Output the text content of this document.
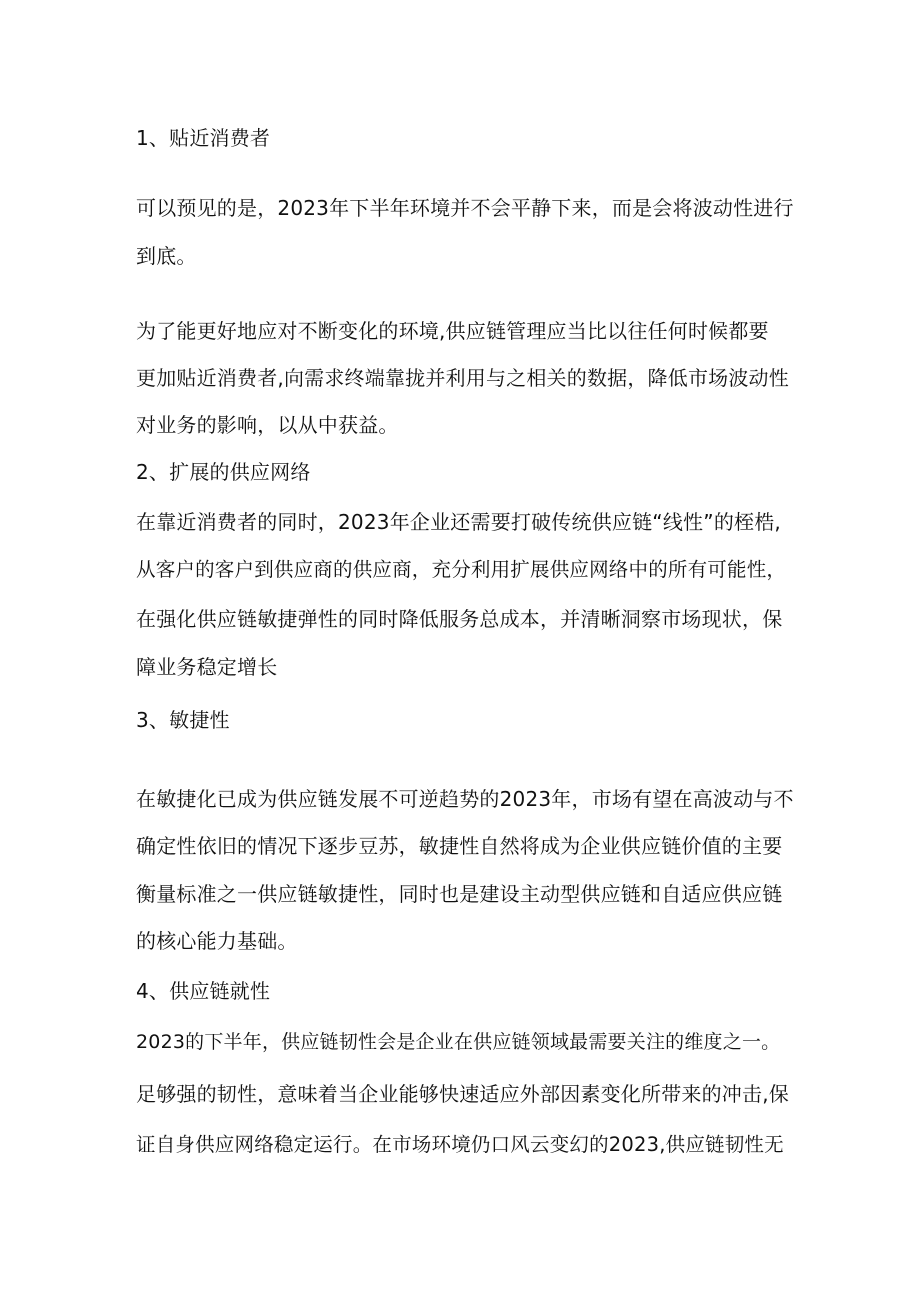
1、贴近消费者
可以预见的是，2023年下半年环境并不会平静下来，而是会将波动性进行
到底。
为了能更好地应对不断变化的环境,供应链管理应当比以往任何时候都要
更加贴近消费者,向需求终端靠拢并利用与之相关的数据，降低市场波动性
对业务的影响，以从中获益。
2、扩展的供应网络
在靠近消费者的同时，2023年企业还需要打破传统供应链“线性”的桎梏,
从客户的客户到供应商的供应商，充分利用扩展供应网络中的所有可能性，
在强化供应链敏捷弹性的同时降低服务总成本，并清晰洞察市场现状，保
障业务稳定增长
3、敏捷性
在敏捷化已成为供应链发展不可逆趋势的2023年，市场有望在高波动与不
确定性依旧的情况下逐步豆苏，敏捷性自然将成为企业供应链价值的主要
衡量标准之一供应链敏捷性，同时也是建设主动型供应链和自适应供应链
的核心能力基础。
4、供应链就性
2023的下半年，供应链韧性会是企业在供应链领域最需要关注的维度之一。
足够强的韧性，意味着当企业能够快速适应外部因素变化所带来的冲击,保
证自身供应网络稳定运行。在市场环境仍口风云变幻的2023,供应链韧性无
